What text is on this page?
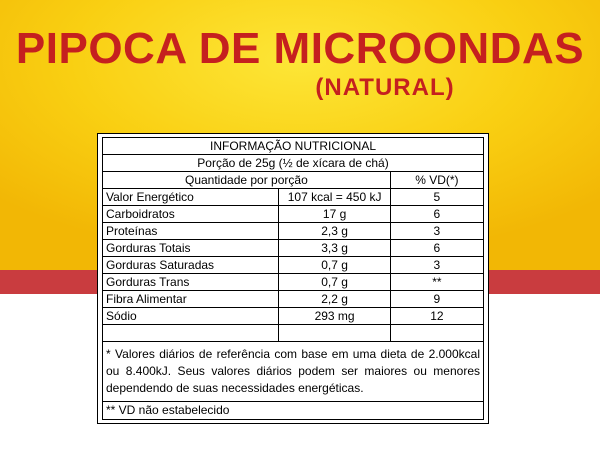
PIPOCA DE MICROONDAS
(NATURAL)
INFORMAÇÃO NUTRICIONAL		
Porção de 25g (½ de xícara de chá)		
Quantidade por porção		% VD(*)
Valor Energético	107 kcal = 450 kJ	5
Carboidratos	17 g	6
Proteínas	2,3 g	3
Gorduras Totais	3,3 g	6
Gorduras Saturadas	0,7 g	3
Gorduras Trans	0,7 g	**
Fibra Alimentar	2,2 g	9
Sódio	293 mg	12

* Valores diários de referência com base em uma dieta de 2.000kcal ou 8.400kJ. Seus valores diários podem ser maiores ou menores dependendo de suas necessidades energéticas.		
** VD não estabelecido		
